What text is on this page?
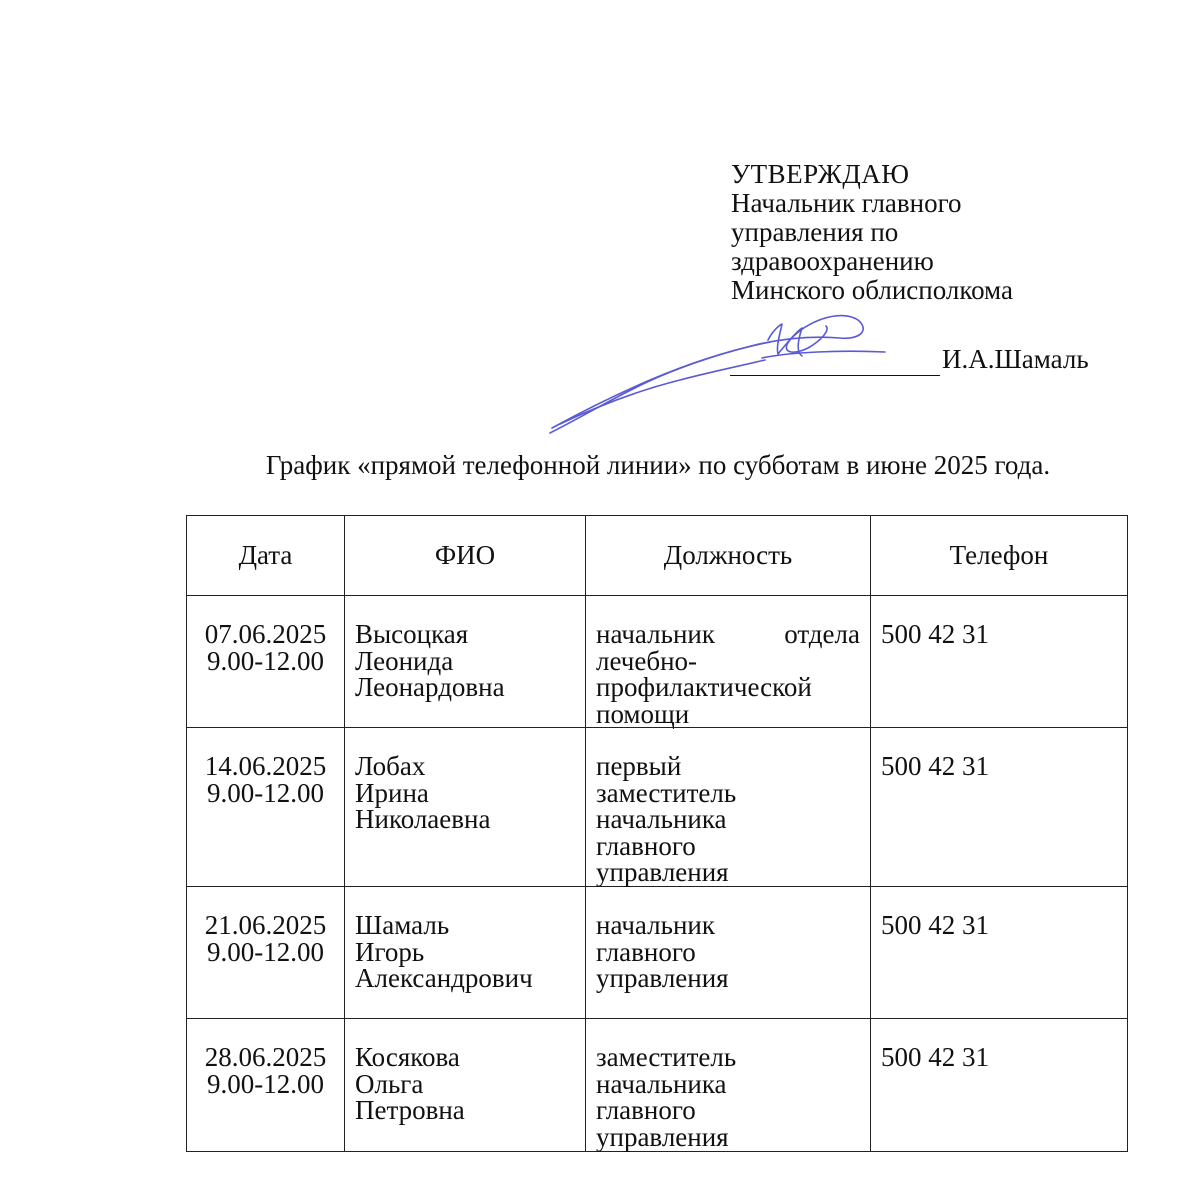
УТВЕРЖДАЮ
Начальник главного
управления по
здравоохранению
Минского облисполкома
И.А.Шамаль
График «прямой телефонной линии» по субботам в июне 2025 года.
Дата	ФИО	Должность	Телефон

07.06.2025
9.00-12.00	Высоцкая
Леонида
Леонардовна	начальник отдела
лечебно-
профилактической
помощи	500 42 31

14.06.2025
9.00-12.00	Лобах
Ирина
Николаевна	первый
заместитель
начальника
главного
управления	500 42 31

21.06.2025
9.00-12.00	Шамаль
Игорь
Александрович	начальник
главного
управления	500 42 31

28.06.2025
9.00-12.00	Косякова
Ольга
Петровна	заместитель
начальника
главного
управления	500 42 31
